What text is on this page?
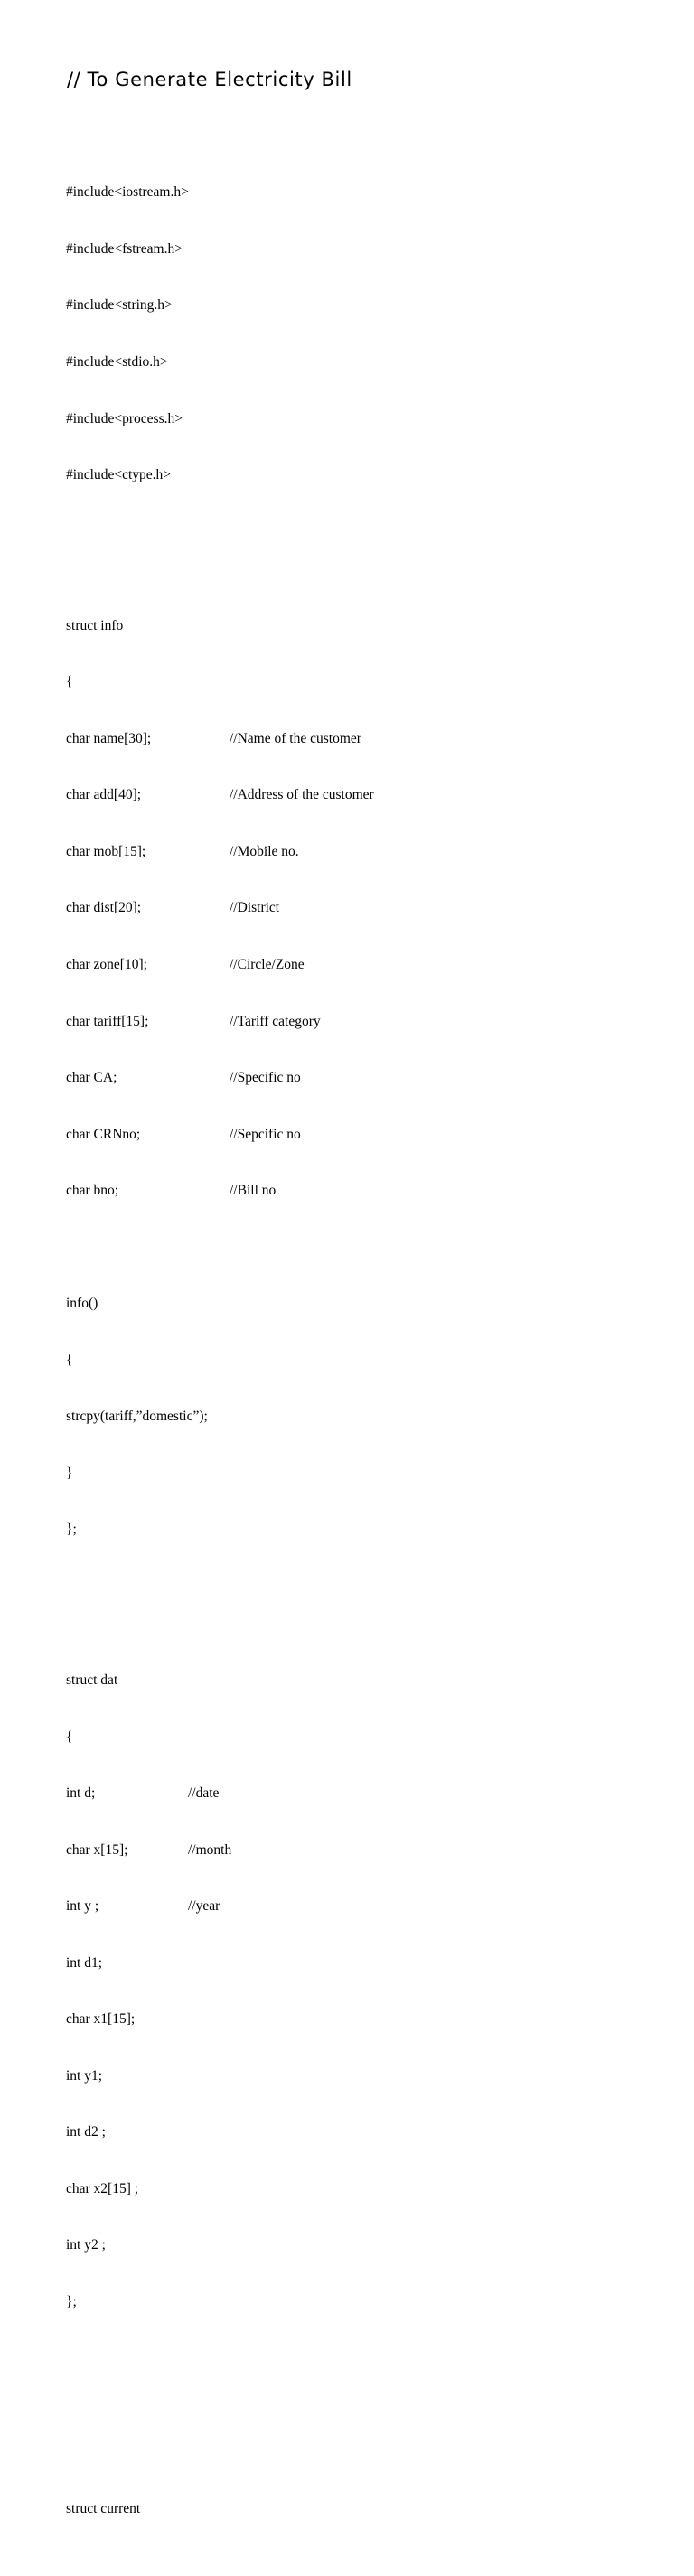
// To Generate Electricity Bill

#include<iostream.h>

#include<fstream.h>

#include<string.h>

#include<stdio.h>

#include<process.h>

#include<ctype.h>

struct info

{

char name[30];	//Name of the customer

char add[40];	//Address of the customer

char mob[15];	//Mobile no.

char dist[20];	//District

char zone[10];	//Circle/Zone

char tariff[15];	//Tariff category

char CA;	//Specific no

char CRNno;	//Sepcific no

char bno;	//Bill no

info()

{

strcpy(tariff,”domestic”);

}

};

struct dat

{

int d;	//date

char x[15];	//month

int y ;	//year

int d1;

char x1[15];

int y1;

int d2 ;

char x2[15] ;

int y2 ;

};

struct current
